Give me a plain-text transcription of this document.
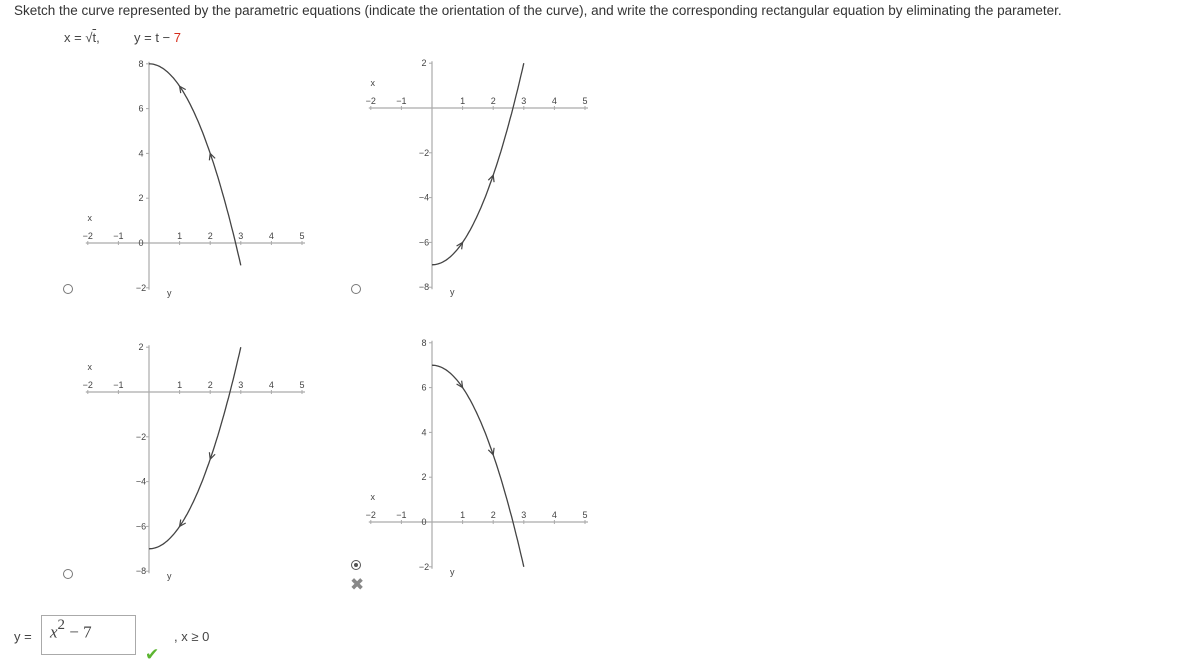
Sketch the curve represented by the parametric equations (indicate the orientation of the curve), and write the corresponding rectangular equation by eliminating the parameter.
x = √t,	y = t − 7
−2 −1	1	2	3	4	5
8
6
4
2
0
−2
x
y
−2 −1	1	2	3	4	5
2
−2
−4
−6
−8
x
y
−2 −1	1	2	3	4	5
2
−2
−4
−6
−8
x
y
−2 −1	1	2	3	4	5
8
6
4
2
0
−2
x
y
✖
$y = x^2 - 7$	, x ≥ 0
✔
